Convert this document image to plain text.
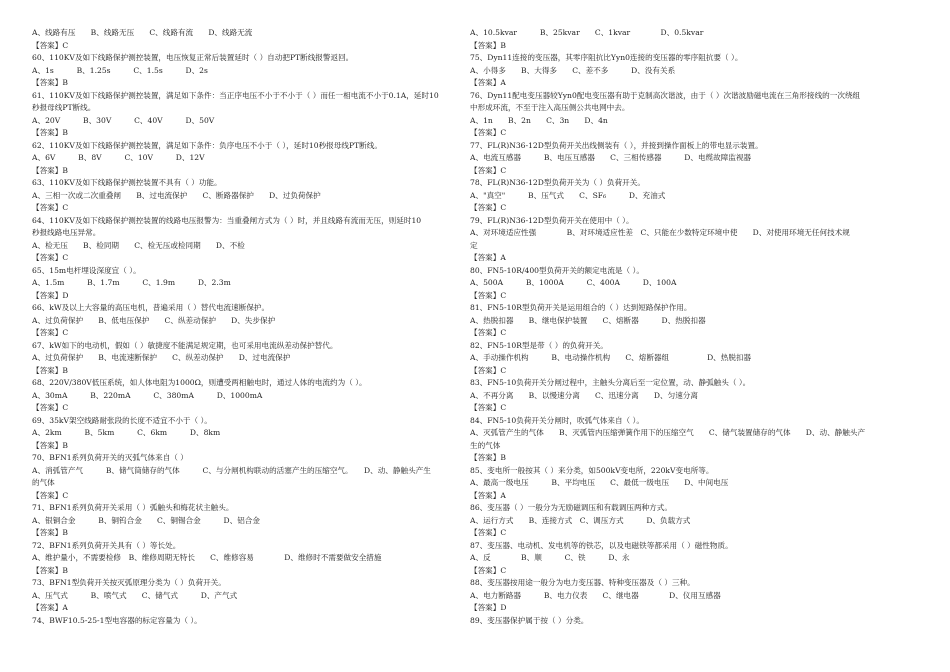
A、线路有压　　B、线路无压　　C、线路有流　　D、线路无流
【答案】C
60、110KV及如下线路保护测控装置，电压恢复正常后装置延时（ ）自动把PT断线报警返回。
A、1s　　　B、1.25s　　　C、1.5s　　　D、2s
【答案】B
61、110KV及如下线路保护测控装置，满足如下条件：当正序电压不小于不小于（ ）而任一相电流不小于0.1A，延时10
秒报母线PT断线。
A、20V　　　B、30V　　　C、40V　　　D、50V
【答案】B
62、110KV及如下线路保护测控装置，满足如下条件：负序电压不小于（ ），延时10秒报母线PT断线。
A、6V　　　B、8V　　　C、10V　　　D、12V
【答案】B
63、110KV及如下线路保护测控装置不具有（ ）功能。
A、三相一次或二次重叠闸　　B、过电流保护　　C、断路器保护　　D、过负荷保护
【答案】C
64、110KV及如下线路保护测控装置的线路电压报警为：当重叠闸方式为（ ）时，并且线路有流而无压，则延时10
秒报线路电压异常。
A、检无压　　B、检同期　　C、检无压或检同期　　D、不检
【答案】C
65、15m电杆埋设深度宜（ ）。
A、1.5m　　　B、1.7m　　　C、1.9m　　　D、2.3m
【答案】D
66、kW及以上大容量的高压电机，普遍采用（ ）替代电流速断保护。
A、过负荷保护　　B、低电压保护　　C、纵差动保护　　D、失步保护
【答案】C
67、kW如下的电动机，假如（ ）敏捷度不能满足规定期，也可采用电流纵差动保护替代。
A、过负荷保护　　B、电流速断保护　　C、纵差动保护　　D、过电流保护
【答案】B
68、220V/380V低压系统，如人体电阻为1000Ω，则遭受两相触电时，通过人体的电流约为（ ）。
A、30mA　　　B、220mA　　　C、380mA　　　D、1000mA
【答案】C
69、35kV架空线路耐张段的长度不适宜不小于（ ）。
A、2km　　　B、5km　　　C、6km　　　D、8km
【答案】B
70、BFN1系列负荷开关的灭弧气体来自（ ）
A、消弧管产气　　　B、储气筒储存的气体　　　C、与分闸机构联动的活塞产生的压缩空气。　　D、动、静触头产生
的气体
【答案】C
71、BFN1系列负荷开关采用（ ）弧触头和梅花状主触头。
A、银铜合金　　　B、铜钨合金　　C、铜锡合金　　　D、铝合金
【答案】B
72、BFN1系列负荷开关具有（ ）等长处。
A、维护量小，不需要检修　B、维修周期无特长　　C、维修容易　　　　D、维修时不需要做安全措施
【答案】B
73、BFN1型负荷开关按灭弧原理分类为（ ）负荷开关。
A、压气式　　　B、喷气式　　C、储气式　　　D、产气式
【答案】A
74、BWF10.5-25-1型电容器的标定容量为（ ）。
A、10.5kvar　　　B、25kvar　　C、1kvar　　　　D、0.5kvar
【答案】B
75、Dyn11连接的变压器，其零序阻抗比Yyn0连接的变压器的零序阻抗要（ ）。
A、小得多　　B、大得多　　C、差不多　　　D、没有关系
【答案】A
76、Dyn11配电变压器较Yyn0配电变压器有助于克制高次谐波，由于（ ）次谐波励磁电流在三角形接线的一次绕组
中形成环流，不至于注入高压侧公共电网中去。
A、1n　　B、2n　　C、3n　　D、4n
【答案】C
77、FL(R)N36-12D型负荷开关出线侧装有（ ），并接到操作面板上的带电显示装置。
A、电流互感器　　　B、电压互感器　　C、三相传感器　　　D、电缆故障监视器
【答案】C
78、FL(R)N36-12D型负荷开关为（ ）负荷开关。
A、"真空"　　　B、压气式　　C、SF₆　　　D、充油式
【答案】C
79、FL(R)N36-12D型负荷开关在使用中（ ）。
A、对环境适应性强　　　　B、对环境适应性差　C、只能在少数特定环境中使　　D、对使用环境无任何技术规
定
【答案】A
80、FN5-10R/400型负荷开关的额定电流是（ ）。
A、500A　　　B、1000A　　　C、400A　　　D、100A
【答案】C
81、FN5-10R型负荷开关是运用组合的（ ）达到短路保护作用。
A、热脱扣器　　B、继电保护装置　　C、熔断器　　　D、热脱扣器
【答案】C
82、FN5-10R型是带（ ）的负荷开关。
A、手动操作机构　　　B、电动操作机构　　C、熔断器组　　　　　D、热脱扣器
【答案】C
83、FN5-10负荷开关分闸过程中，主触头分离后至一定位置，动、静弧触头（ ）。
A、不再分离　　B、以慢速分离　　C、迅速分离　　D、匀速分离
【答案】C
84、FN5-10负荷开关分闸时，吹弧气体来自（ ）。
A、灭弧管产生的气体　　B、灭弧管内压缩弹簧作用下的压缩空气　　C、储气装置储存的气体　　D、动、静触头产
生的气体
【答案】B
85、变电所一般按其（ ）来分类，如500kV变电所，220kV变电所等。
A、最高一级电压　　　B、平均电压　　C、最低一级电压　　D、中间电压
【答案】A
86、变压器（ ）一般分为无励磁调压和有载调压两种方式。
A、运行方式　　B、连接方式　C、调压方式　　　D、负载方式
【答案】C
87、变压器、电动机、发电机等的铁芯，以及电磁铁等都采用（ ）磁性物质。
A、反　　　　B、顺　　　C、铁　　　D、永
【答案】C
88、变压器按用途一般分为电力变压器、特种变压器及（ ）三种。
A、电力断路器　　　B、电力仪表　　C、继电器　　　　D、仪用互感器
【答案】D
89、变压器保护属于按（ ）分类。
